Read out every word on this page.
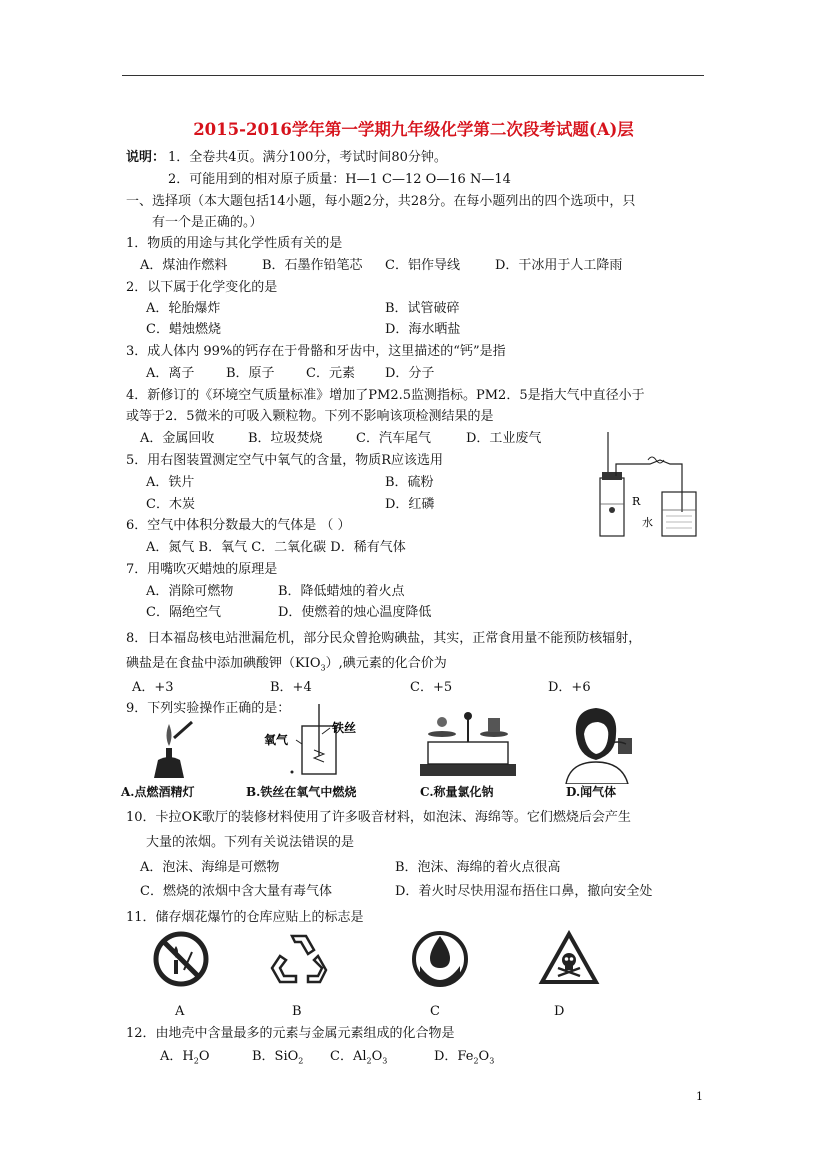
2015-2016学年第一学期九年级化学第二次段考试题(A)层
说明： 1．全卷共4页。满分100分，考试时间80分钟。
2．可能用到的相对原子质量：H—1 C—12 O—16 N—14
一、选择项（本大题包括14小题，每小题2分，共28分。在每小题列出的四个选项中，只
有一个是正确的。）
1．物质的用途与其化学性质有关的是
A．煤油作燃料	B．石墨作铅笔芯 C．铝作导线	D．干冰用于人工降雨
2．以下属于化学变化的是
A．轮胎爆炸	B．试管破碎
C．蜡烛燃烧	D．海水晒盐
3．成人体内 99%的钙存在于骨骼和牙齿中，这里描述的“钙”是指
A．离子 B．原子 C．元素 D．分子
4．新修订的《环境空气质量标准》增加了PM2.5监测指标。PM2．5是指大气中直径小于
或等于2．5微米的可吸入颗粒物。下列不影响该项检测结果的是
A．金属回收	B．垃圾焚烧	C．汽车尾气	D．工业废气
5．用右图装置测定空气中氧气的含量，物质R应该选用
A．铁片	B．硫粉
C．木炭	D．红磷	R
水
6．空气中体积分数最大的气体是 （ ）
A．氮气 B．氧气 C．二氧化碳 D．稀有气体
7．用嘴吹灭蜡烛的原理是
A．消除可燃物	B．降低蜡烛的着火点
C．隔绝空气	D．使燃着的烛心温度降低
8．日本福岛核电站泄漏危机，部分民众曾抢购碘盐，其实，正常食用量不能预防核辐射，
碘盐是在食盐中添加碘酸钾$(KIO_3)$,碘元素的化合价为
A．+3	B．+4	C．+5	D．+6
9．下列实验操作正确的是：
A.点燃酒精灯
氧气
铁丝
B.铁丝在氧气中燃烧	C.称量氯化钠	D.闻气体
10．卡拉OK歌厅的装修材料使用了许多吸音材料，如泡沫、海绵等。它们燃烧后会产生
大量的浓烟。下列有关说法错误的是
A．泡沫、海绵是可燃物	B．泡沫、海绵的着火点很高
C．燃烧的浓烟中含大量有毒气体	D．着火时尽快用湿布捂住口鼻，撤向安全处
11．储存烟花爆竹的仓库应贴上的标志是
A	B	C	D
12．由地壳中含量最多的元素与金属元素组成的化合物是
A．$H_2O$	B．SiO$_2$ C．$Al_2O_3$	D．$Fe_2O_3$
1
